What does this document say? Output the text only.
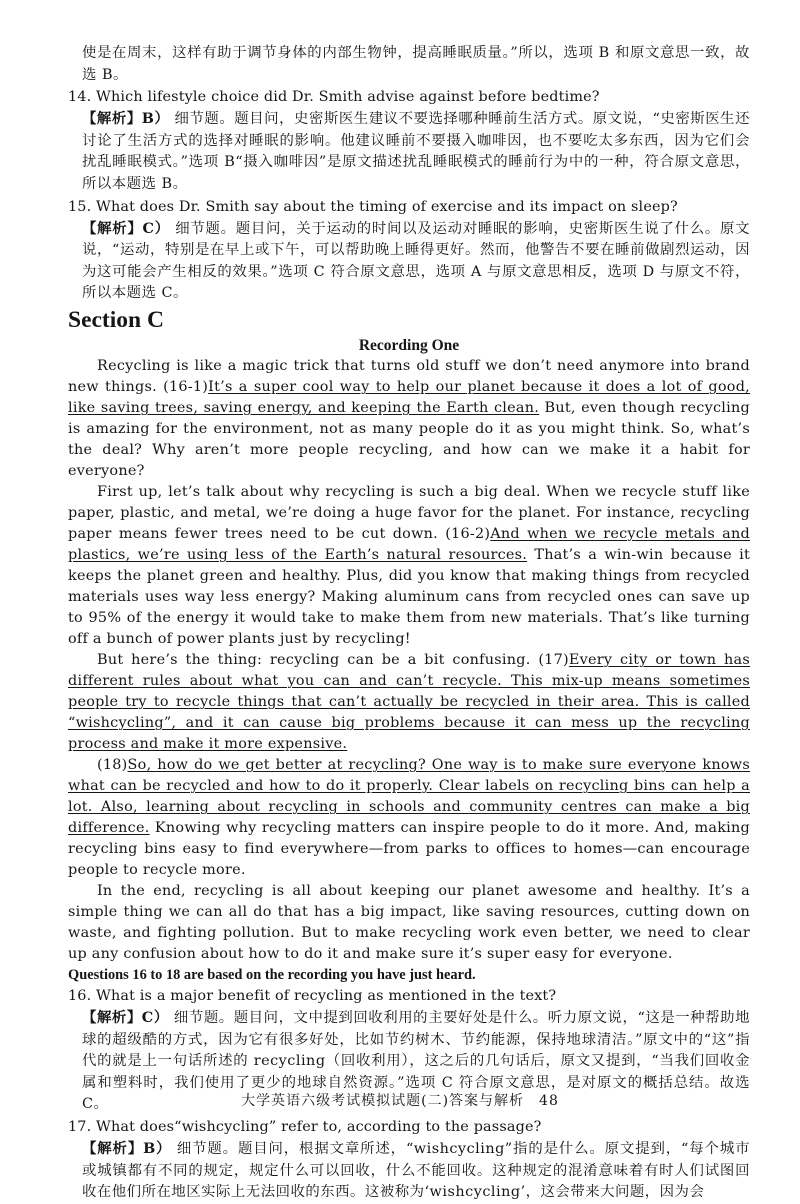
使是在周末，这样有助于调节身体的内部生物钟，提高睡眠质量。”所以，选项 B 和原文意思一致，故选 B。

14. Which lifestyle choice did Dr. Smith advise against before bedtime?

【解析】B） 细节题。题目问，史密斯医生建议不要选择哪种睡前生活方式。原文说，“史密斯医生还讨论了生活方式的选择对睡眠的影响。他建议睡前不要摄入咖啡因，也不要吃太多东西，因为它们会扰乱睡眠模式。”选项 B“摄入咖啡因”是原文描述扰乱睡眠模式的睡前行为中的一种，符合原文意思，所以本题选 B。

15. What does Dr. Smith say about the timing of exercise and its impact on sleep?

【解析】C） 细节题。题目问，关于运动的时间以及运动对睡眠的影响，史密斯医生说了什么。原文说，“运动，特别是在早上或下午，可以帮助晚上睡得更好。然而，他警告不要在睡前做剧烈运动，因为这可能会产生相反的效果。”选项 C 符合原文意思，选项 A 与原文意思相反，选项 D 与原文不符，所以本题选 C。

Section C
Recording One

Recycling is like a magic trick that turns old stuff we don’t need anymore into brand new things. (16-1)It’s a super cool way to help our planet because it does a lot of good, like saving trees, saving energy, and keeping the Earth clean. But, even though recycling is amazing for the environment, not as many people do it as you might think. So, what’s the deal? Why aren’t more people recycling, and how can we make it a habit for everyone?

First up, let’s talk about why recycling is such a big deal. When we recycle stuff like paper, plastic, and metal, we’re doing a huge favor for the planet. For instance, recycling paper means fewer trees need to be cut down. (16-2)And when we recycle metals and plastics, we’re using less of the Earth’s natural resources. That’s a win-win because it keeps the planet green and healthy. Plus, did you know that making things from recycled materials uses way less energy? Making aluminum cans from recycled ones can save up to 95% of the energy it would take to make them from new materials. That’s like turning off a bunch of power plants just by recycling!

But here’s the thing: recycling can be a bit confusing. (17)Every city or town has different rules about what you can and can’t recycle. This mix-up means sometimes people try to recycle things that can’t actually be recycled in their area. This is called “wishcycling”, and it can cause big problems because it can mess up the recycling process and make it more expensive.

(18)So, how do we get better at recycling? One way is to make sure everyone knows what can be recycled and how to do it properly. Clear labels on recycling bins can help a lot. Also, learning about recycling in schools and community centres can make a big difference. Knowing why recycling matters can inspire people to do it more. And, making recycling bins easy to find everywhere—from parks to offices to homes—can encourage people to recycle more.

In the end, recycling is all about keeping our planet awesome and healthy. It’s a simple thing we can all do that has a big impact, like saving resources, cutting down on waste, and fighting pollution. But to make recycling work even better, we need to clear up any confusion about how to do it and make sure it’s super easy for everyone.

Questions 16 to 18 are based on the recording you have just heard.

16. What is a major benefit of recycling as mentioned in the text?

【解析】C） 细节题。题目问，文中提到回收利用的主要好处是什么。听力原文说，“这是一种帮助地球的超级酷的方式，因为它有很多好处，比如节约树木、节约能源，保持地球清洁。”原文中的“这”指代的就是上一句话所述的 recycling（回收利用），这之后的几句话后，原文又提到，“当我们回收金属和塑料时，我们使用了更少的地球自然资源。”选项 C 符合原文意思，是对原文的概括总结。故选 C。

17. What does“wishcycling” refer to, according to the passage?

【解析】B） 细节题。题目问，根据文章所述，“wishcycling”指的是什么。原文提到，“每个城市或城镇都有不同的规定，规定什么可以回收，什么不能回收。这种规定的混淆意味着有时人们试图回收在他们所在地区实际上无法回收的东西。这被称为‘wishcycling’，这会带来大问题，因为会

大学英语六级考试模拟试题(二)答案与解析　48
